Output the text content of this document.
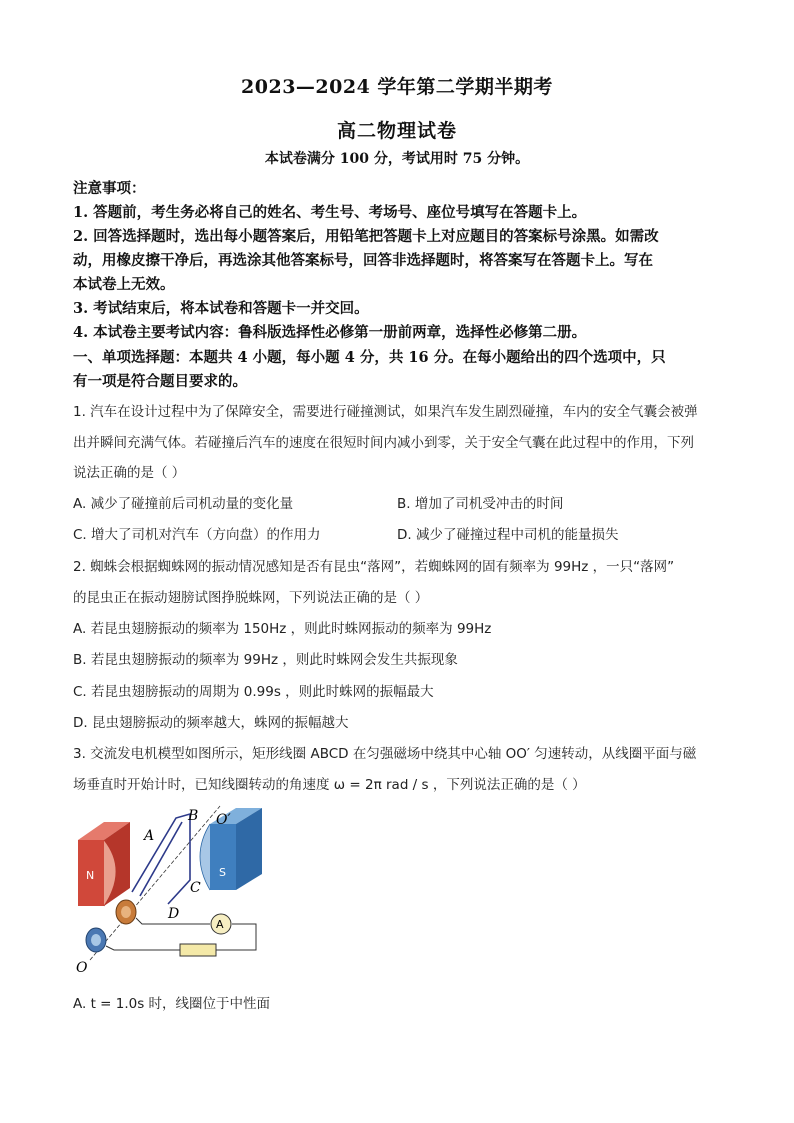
2023—2024 学年第二学期半期考
高二物理试卷
本试卷满分 100 分，考试用时 75 分钟。
注意事项：
1. 答题前，考生务必将自己的姓名、考生号、考场号、座位号填写在答题卡上。
2. 回答选择题时，选出每小题答案后，用铅笔把答题卡上对应题目的答案标号涂黑。如需改
动，用橡皮擦干净后，再选涂其他答案标号，回答非选择题时，将答案写在答题卡上。写在
本试卷上无效。
3. 考试结束后，将本试卷和答题卡一并交回。
4. 本试卷主要考试内容：鲁科版选择性必修第一册前两章，选择性必修第二册。
一、单项选择题：本题共 4 小题，每小题 4 分，共 16 分。在每小题给出的四个选项中，只
有一项是符合题目要求的。
1. 汽车在设计过程中为了保障安全，需要进行碰撞测试，如果汽车发生剧烈碰撞，车内的安全气囊会被弹
出并瞬间充满气体。若碰撞后汽车的速度在很短时间内减小到零，关于安全气囊在此过程中的作用，下列
说法正确的是（ ）
A. 减少了碰撞前后司机动量的变化量	B. 增加了司机受冲击的时间
C. 增大了司机对汽车（方向盘）的作用力	D. 减少了碰撞过程中司机的能量损失
2. 蜘蛛会根据蜘蛛网的振动情况感知是否有昆虫“落网”，若蜘蛛网的固有频率为 99Hz ，一只“落网”
的昆虫正在振动翅膀试图挣脱蛛网，下列说法正确的是（ ）
A. 若昆虫翅膀振动的频率为 150Hz ，则此时蛛网振动的频率为 99Hz
B. 若昆虫翅膀振动的频率为 99Hz ，则此时蛛网会发生共振现象
C. 若昆虫翅膀振动的周期为 0.99s ，则此时蛛网的振幅最大
D. 昆虫翅膀振动的频率越大，蛛网的振幅越大
3. 交流发电机模型如图所示，矩形线圈 ABCD 在匀强磁场中绕其中心轴 OO′ 匀速转动，从线圈平面与磁
场垂直时开始计时，已知线圈转动的角速度 ω = 2π rad / s ，下列说法正确的是（ ）
B O′
A
N	S
C
D
A
O
A. t = 1.0s 时，线圈位于中性面
